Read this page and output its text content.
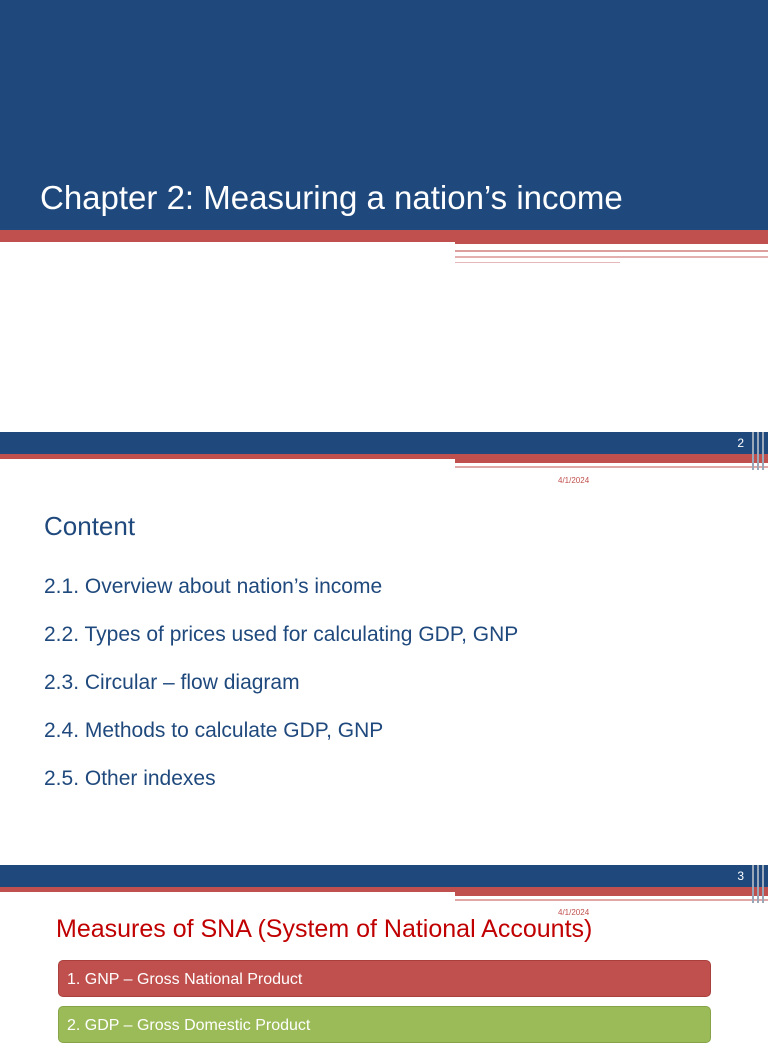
Chapter 2: Measuring a nation’s income
2
4/1/2024
Content
2.1. Overview about nation’s income
2.2. Types of prices used for calculating GDP, GNP
2.3. Circular – flow diagram
2.4. Methods to calculate GDP, GNP
2.5. Other indexes
3
4/1/2024
Measures of SNA (System of National Accounts)
1. GNP – Gross National Product
2. GDP – Gross Domestic Product
